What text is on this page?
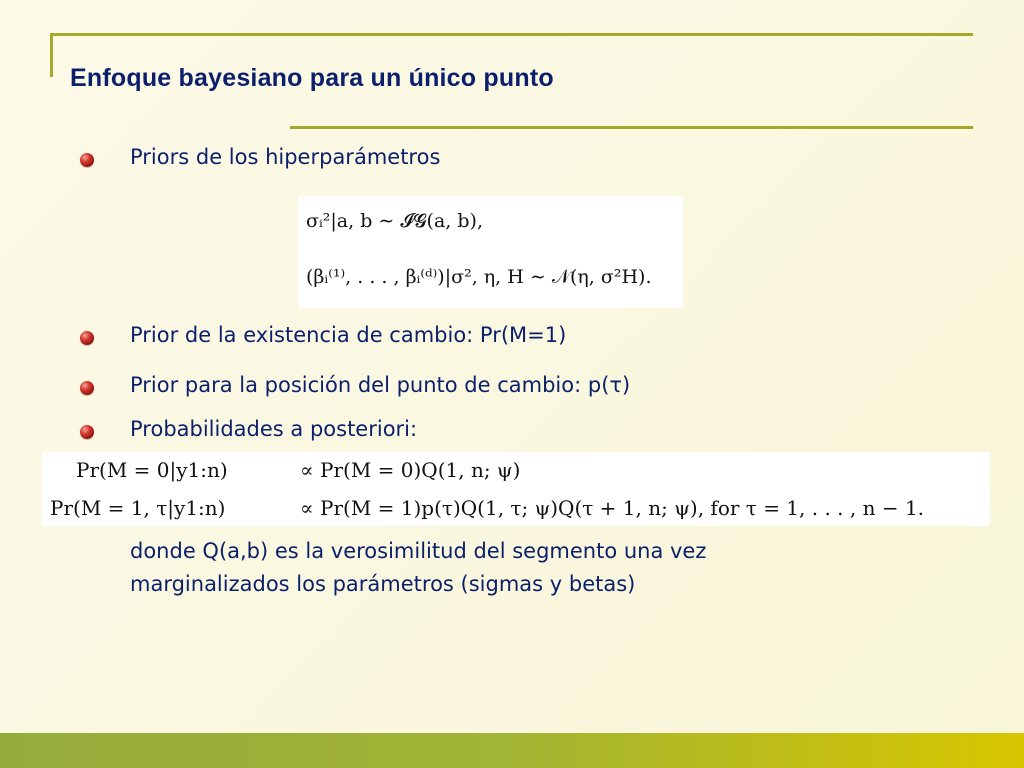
Enfoque bayesiano para un único punto
Priors de los hiperparámetros
σᵢ²|a, b ∼ 𝓘𝓖(a, b),
(βᵢ⁽¹⁾, . . . , βᵢ⁽ᵈ⁾)|σ², η, H ∼ 𝒩(η, σ²H).
Prior de la existencia de cambio: Pr(M=1)
Prior para la posición del punto de cambio: p(τ)
Probabilidades a posteriori:
Pr(M = 0|y1:n)	∝ Pr(M = 0)Q(1, n; ψ)
Pr(M = 1, τ|y1:n)	∝ Pr(M = 1)p(τ)Q(1, τ; ψ)Q(τ + 1, n; ψ), for τ = 1, . . . , n − 1.
donde Q(a,b) es la verosimilitud del segmento una vez
marginalizados los parámetros (sigmas y betas)
